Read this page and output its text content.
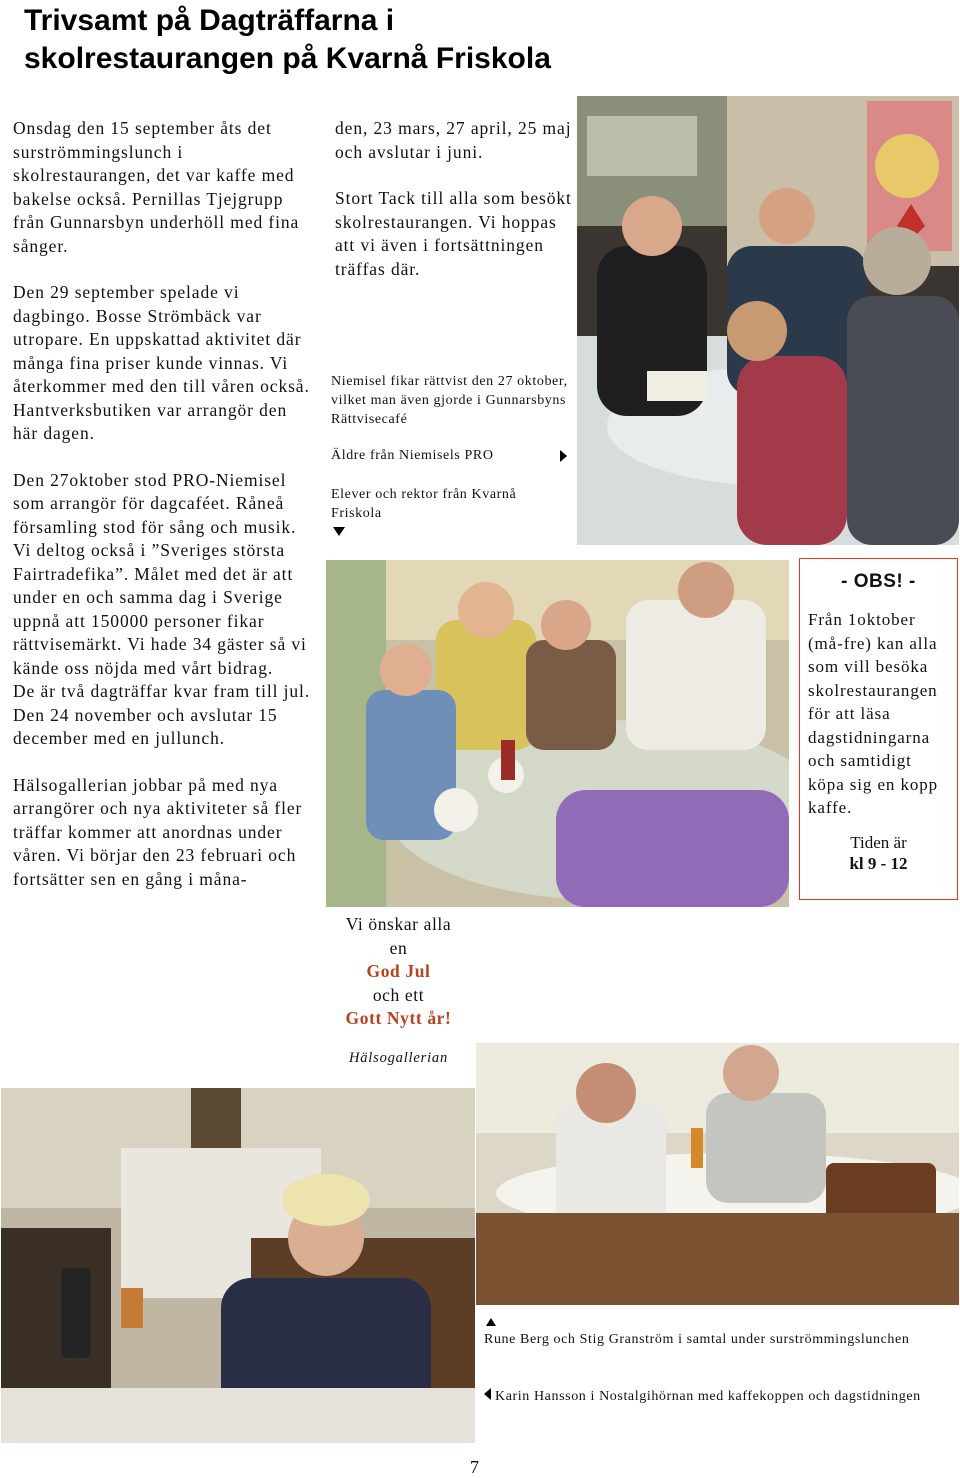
Trivsamt på Dagträffarna i
skolrestaurangen på Kvarnå Friskola

Onsdag den 15 september åts det surströmmingslunch i skolrestaurangen, det var kaffe med bakelse också. Pernillas Tjejgrupp från Gunnarsbyn underhöll med fina sånger.

Den 29 september spelade vi dagbingo. Bosse Strömbäck var utropare. En uppskattad aktivitet där många fina priser kunde vinnas. Vi återkommer med den till våren också. Hantverksbutiken var arrangör den här dagen.

Den 27oktober stod PRO-Niemisel som arrangör för dagcaféet. Råneå församling stod för sång och musik. Vi deltog också i ”Sveriges största Fairtradefika”. Målet med det är att under en och samma dag i Sverige uppnå att 150000 personer fikar rättvisemärkt. Vi hade 34 gäster så vi kände oss nöjda med vårt bidrag.

De är två dagträffar kvar fram till jul. Den 24 november och avslutar 15 december med en jullunch.

Hälsogallerian jobbar på med nya arrangörer och nya aktiviteter så fler träffar kommer att anordnas under våren. Vi börjar den 23 februari och fortsätter sen en gång i måna-

den, 23 mars, 27 april, 25 maj och avslutar i juni.

Stort Tack till alla som besökt skolrestaurangen. Vi hoppas att vi även i fortsättningen träffas där.

Niemisel fikar rättvist den 27 oktober, vilket man även gjorde i Gunnarsbyns Rättvisecafé

Äldre från Niemisels PRO
Elever och rektor från Kvarnå Friskola

- OBS! -
Från 1oktober (må-fre) kan alla som vill besöka skolrestaurangen för att läsa dagstidningarna och samtidigt köpa sig en kopp kaffe.
Tiden är
kl 9 - 12
Vi önskar alla
en
God Jul
och ett
Gott Nytt år!
Hälsogallerian

Rune Berg och Stig Granström i samtal under surströmmingslunchen

Karin Hansson i Nostalgihörnan med kaffekoppen och dagstidningen
7
